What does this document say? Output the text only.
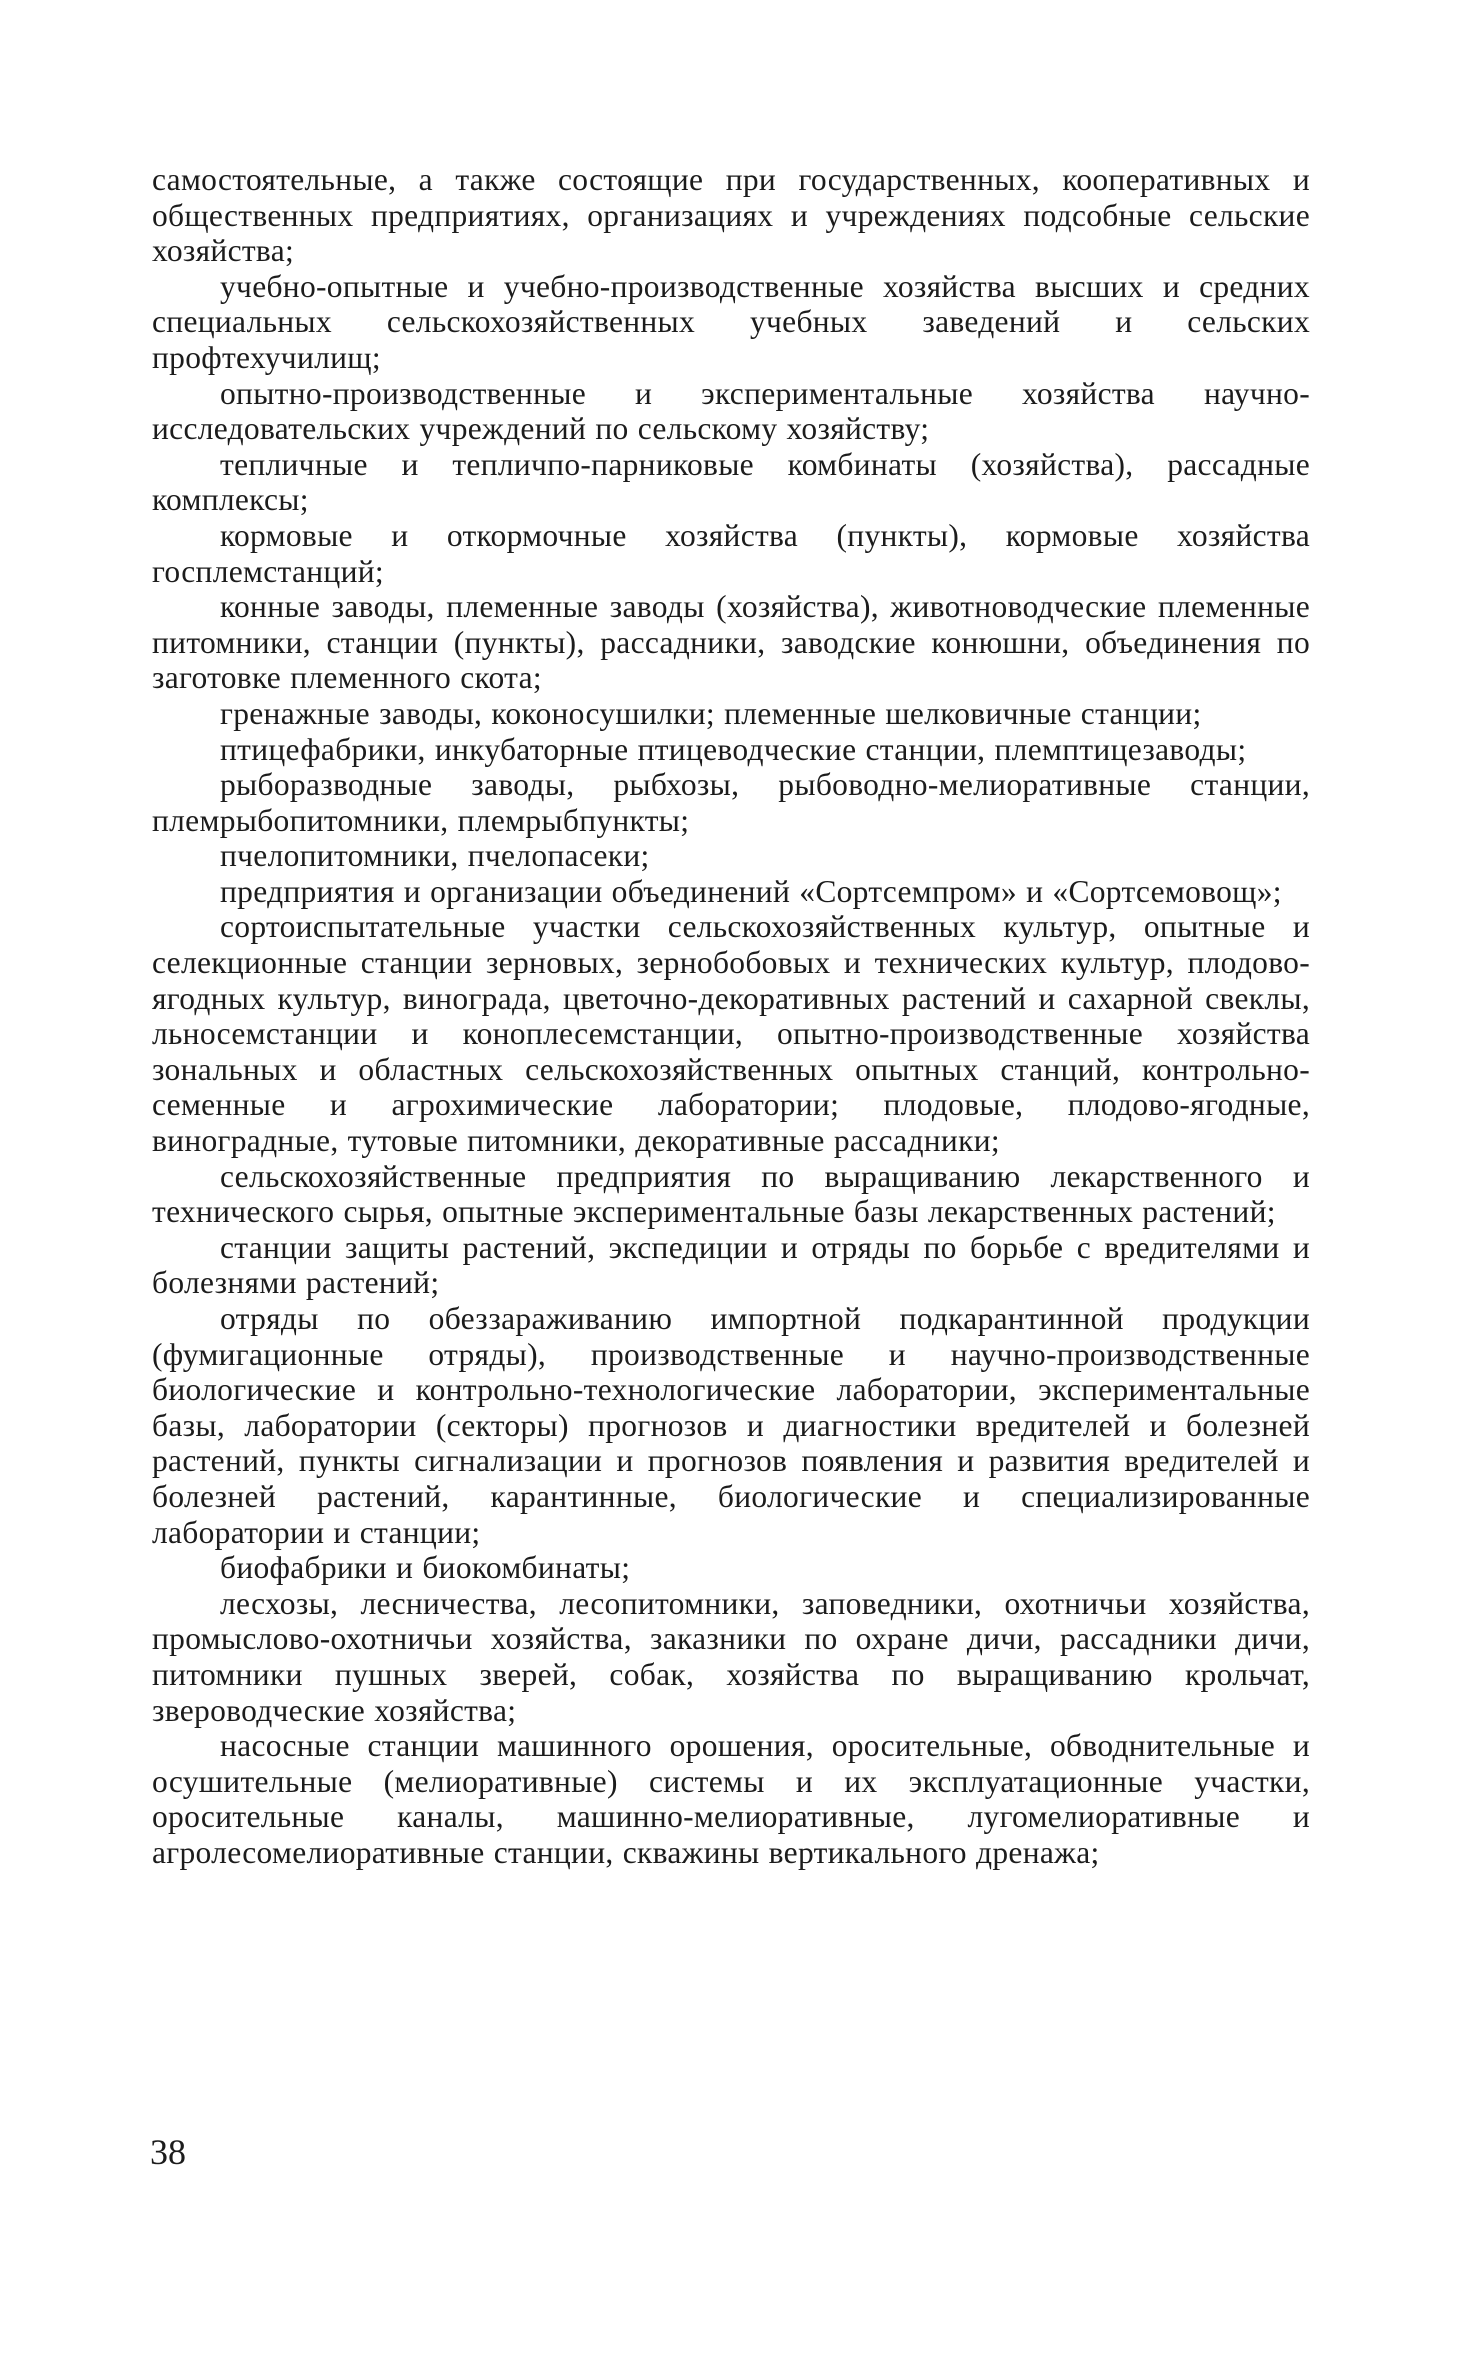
самостоятельные, а также состоящие при государственных, кооперативных и общественных предприятиях, организациях и учреждениях подсобные сельские хозяйства;

учебно-опытные и учебно-производственные хозяйства высших и средних специальных сельскохозяйственных учебных заведений и сельских профтехучилищ;

опытно-производственные и экспериментальные хозяйства научно-исследовательских учреждений по сельскому хозяйству;

тепличные и тепличпо-парниковые комбинаты (хозяйства), рассадные комплексы;

кормовые и откормочные хозяйства (пункты), кормовые хозяйства госплемстанций;

конные заводы, племенные заводы (хозяйства), животноводческие племенные питомники, станции (пункты), рассадники, заводские конюшни, объединения по заготовке племенного скота;

гренажные заводы, коконосушилки; племенные шелковичные станции;

птицефабрики, инкубаторные птицеводческие станции, племптицезаводы;

рыборазводные заводы, рыбхозы, рыбоводно-мелиоративные станции, племрыбопитомники, племрыбпункты;

пчелопитомники, пчелопасеки;

предприятия и организации объединений «Сортсемпром» и «Сортсемовощ»;

сортоиспытательные участки сельскохозяйственных культур, опытные и селекционные станции зерновых, зернобобовых и технических культур, плодово-ягодных культур, винограда, цветочно-декоративных растений и сахарной свеклы, льносемстанции и коноплесемстанции, опытно-производственные хозяйства зональных и областных сельскохозяйственных опытных станций, контрольно-семенные и агрохимические лаборатории; плодовые, плодово-ягодные, виноградные, тутовые питомники, декоративные рассадники;

сельскохозяйственные предприятия по выращиванию лекарственного и технического сырья, опытные экспериментальные базы лекарственных растений;

станции защиты растений, экспедиции и отряды по борьбе с вредителями и болезнями растений;

отряды по обеззараживанию импортной подкарантинной продукции (фумигационные отряды), производственные и научно-производственные биологические и контрольно-технологические лаборатории, экспериментальные базы, лаборатории (секторы) прогнозов и диагностики вредителей и болезней растений, пункты сигнализации и прогнозов появления и развития вредителей и болезней растений, карантинные, биологические и специализированные лаборатории и станции;

биофабрики и биокомбинаты;

лесхозы, лесничества, лесопитомники, заповедники, охотничьи хозяйства, промыслово-охотничьи хозяйства, заказники по охране дичи, рассадники дичи, питомники пушных зверей, собак, хозяйства по выращиванию крольчат, звероводческие хозяйства;

насосные станции машинного орошения, оросительные, обводнительные и осушительные (мелиоративные) системы и их эксплуатационные участки, оросительные каналы, машинно-мелиоративные, лугомелиоративные и агролесомелиоративные станции, скважины вертикального дренажа;

38
